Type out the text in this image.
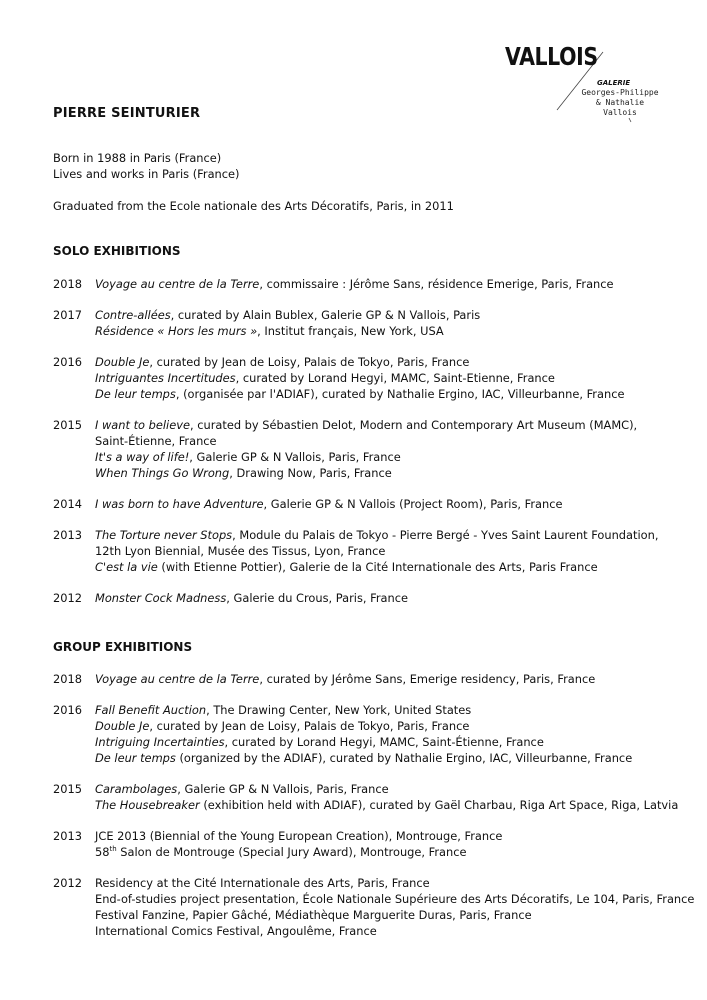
VALLOIS
GALERIE
Georges-Philippe
& Nathalie
Vallois
PIERRE SEINTURIER
Born in 1988 in Paris (France)
Lives and works in Paris (France)
Graduated from the Ecole nationale des Arts Décoratifs, Paris, in 2011
SOLO EXHIBITIONS
2018	Voyage au centre de la Terre, commissaire : Jérôme Sans, résidence Emerige, Paris, France
2017	Contre-allées, curated by Alain Bublex, Galerie GP & N Vallois, Paris
Résidence « Hors les murs », Institut français, New York, USA
2016	Double Je, curated by Jean de Loisy, Palais de Tokyo, Paris, France
Intriguantes Incertitudes, curated by Lorand Hegyi, MAMC, Saint-Etienne, France
De leur temps, (organisée par l'ADIAF), curated by Nathalie Ergino, IAC, Villeurbanne, France
2015	I want to believe, curated by Sébastien Delot, Modern and Contemporary Art Museum (MAMC),
Saint-Étienne, France
It's a way of life!, Galerie GP & N Vallois, Paris, France
When Things Go Wrong, Drawing Now, Paris, France
2014	I was born to have Adventure, Galerie GP & N Vallois (Project Room), Paris, France
2013	The Torture never Stops, Module du Palais de Tokyo - Pierre Bergé - Yves Saint Laurent Foundation,
12th Lyon Biennial, Musée des Tissus, Lyon, France
C'est la vie (with Etienne Pottier), Galerie de la Cité Internationale des Arts, Paris France
2012	Monster Cock Madness, Galerie du Crous, Paris, France
GROUP EXHIBITIONS
2018	Voyage au centre de la Terre, curated by Jérôme Sans, Emerige residency, Paris, France
2016	Fall Benefit Auction, The Drawing Center, New York, United States
Double Je, curated by Jean de Loisy, Palais de Tokyo, Paris, France
Intriguing Incertainties, curated by Lorand Hegyi, MAMC, Saint-Étienne, France
De leur temps (organized by the ADIAF), curated by Nathalie Ergino, IAC, Villeurbanne, France
2015	Carambolages, Galerie GP & N Vallois, Paris, France
The Housebreaker (exhibition held with ADIAF), curated by Gaël Charbau, Riga Art Space, Riga, Latvia
2013	JCE 2013 (Biennial of the Young European Creation), Montrouge, France
58th Salon de Montrouge (Special Jury Award), Montrouge, France
2012	Residency at the Cité Internationale des Arts, Paris, France
End-of-studies project presentation, École Nationale Supérieure des Arts Décoratifs, Le 104, Paris, France
Festival Fanzine, Papier Gâché, Médiathèque Marguerite Duras, Paris, France
International Comics Festival, Angoulême, France
